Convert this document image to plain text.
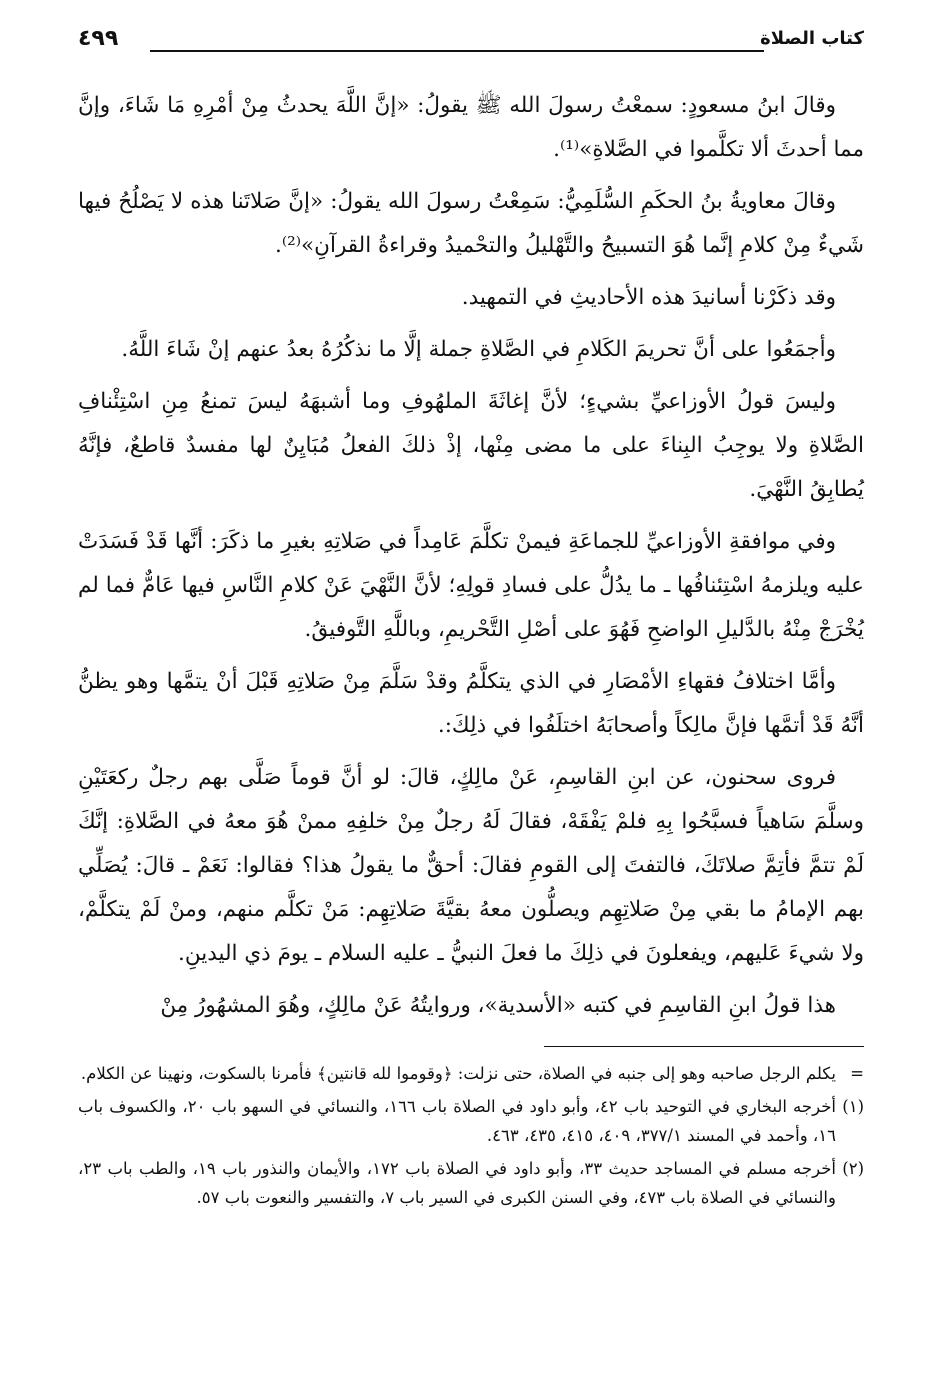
كتاب الصلاة
٤٩٩

وقالَ ابنُ مسعودٍ: سمعْتُ رسولَ الله ﷺ يقولُ: «إنَّ اللَّهَ يحدثُ مِنْ أمْرِهِ مَا شَاءَ، وإنَّ مما أحدثَ ألا تكلَّموا في الصَّلاةِ»⁽¹⁾.

وقالَ معاويةُ بنُ الحكَمِ السُّلَمِيُّ: سَمِعْتُ رسولَ الله يقولُ: «إنَّ صَلاتَنا هذه لا يَصْلُحُ فيها شَيءٌ مِنْ كلامِ إنَّما هُوَ التسبيحُ والتَّهْليلُ والتحْميدُ وقراءةُ القرآنِ»⁽²⁾.

وقد ذكَرْنا أسانيدَ هذه الأحاديثِ في التمهيد.

وأجمَعُوا على أنَّ تحريمَ الكَلامِ في الصَّلاةِ جملة إلَّا ما نذكُرُهُ بعدُ عنهم إنْ شَاءَ اللَّهُ.

وليسَ قولُ الأوزاعيِّ بشيءٍ؛ لأنَّ إغاثَةَ الملهُوفِ وما أشبهَهُ ليسَ تمنعُ مِنِ اسْتِئْنافِ الصَّلاةِ ولا يوجِبُ البِناءَ على ما مضى مِنْها، إذْ ذلكَ الفعلُ مُبَايِنٌ لها مفسدٌ قاطعٌ، فإنَّهُ يُطابِقُ النَّهْيَ.

وفي موافقةِ الأوزاعيِّ للجماعَةِ فيمنْ تكلَّمَ عَامِداً في صَلاتِهِ بغيرِ ما ذكَرَ: أنَّها قَدْ فَسَدَتْ عليه ويلزمهُ اسْتِئنافُها ـ ما يدُلُّ على فسادِ قولِهِ؛ لأنَّ النَّهْيَ عَنْ كلامِ النَّاسِ فيها عَامٌّ فما لم يُخْرَجْ مِنْهُ بالدَّليلِ الواضحِ فَهُوَ على أصْلِ التَّحْريمِ، وباللَّهِ التَّوفيقُ.

وأمَّا اختلافُ فقهاءِ الأمْصَارِ في الذي يتكلَّمُ وقدْ سَلَّمَ مِنْ صَلاتِهِ قَبْلَ أنْ يتمَّها وهو يظنُّ أنَّهُ قَدْ أتمَّها فإنَّ مالِكاً وأصحابَهُ اختلَفُوا في ذلِكَ:.

فروى سحنون، عن ابنِ القاسِمِ، عَنْ مالِكٍ، قالَ: لو أنَّ قوماً صَلَّى بهم رجلٌ ركعَتَيْنِ وسلَّمَ سَاهياً فسبَّحُوا بِهِ فلمْ يَفْقَهْ، فقالَ لَهُ رجلٌ مِنْ خلفِهِ ممنْ هُوَ معهُ في الصَّلاةِ: إنَّكَ لَمْ تتمَّ فأتِمَّ صلاتَكَ، فالتفتَ إلى القومِ فقالَ: أحقٌّ ما يقولُ هذا؟ فقالوا: نَعَمْ ـ قالَ: يُصَلِّي بهم الإمامُ ما بقي مِنْ صَلاتِهِم ويصلُّون معهُ بقيَّةَ صَلاتِهِم: مَنْ تكلَّم منهم، ومنْ لَمْ يتكلَّمْ، ولا شيءَ عَليهم، ويفعلونَ في ذلِكَ ما فعلَ النبيُّ ـ عليه السلام ـ يومَ ذي اليدينِ.

هذا قولُ ابنِ القاسِمِ في كتبه «الأسدية»، وروايتُهُ عَنْ مالِكٍ، وهُوَ المشهُورُ مِنْ

=
يكلم الرجل صاحبه وهو إلى جنبه في الصلاة، حتى نزلت: ﴿وقوموا لله قانتين﴾ فأمرنا بالسكوت، ونهينا عن الكلام.
(١)
أخرجه البخاري في التوحيد باب ٤٢، وأبو داود في الصلاة باب ١٦٦، والنسائي في السهو باب ٢٠، والكسوف باب ١٦، وأحمد في المسند ٣٧٧/١، ٤٠٩، ٤١٥، ٤٣٥، ٤٦٣.
(٢)
أخرجه مسلم في المساجد حديث ٣٣، وأبو داود في الصلاة باب ١٧٢، والأيمان والنذور باب ١٩، والطب باب ٢٣، والنسائي في الصلاة باب ٤٧٣، وفي السنن الكبرى في السير باب ٧، والتفسير والنعوت باب ٥٧.
